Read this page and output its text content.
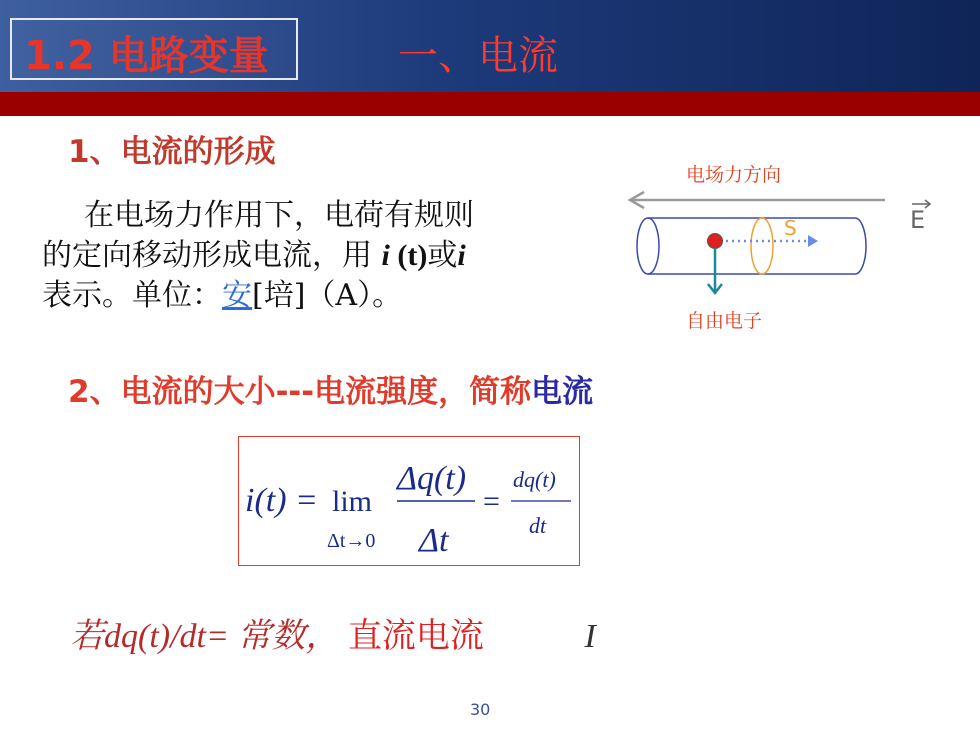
1.2 电路变量	一、电流
1、电流的形成
在电场力作用下，电荷有规则
的定向移动形成电流，用 i (t)或i
表示。单位：安[培]（A）。
电场力方向
S	E
自由电子
2、电流的大小---电流强度，简称电流
i(t) = lim
Δt→0
Δq(t)
Δt
=
dq(t)
dt
若dq(t)/dt= 常数， 直流电流	I
30
